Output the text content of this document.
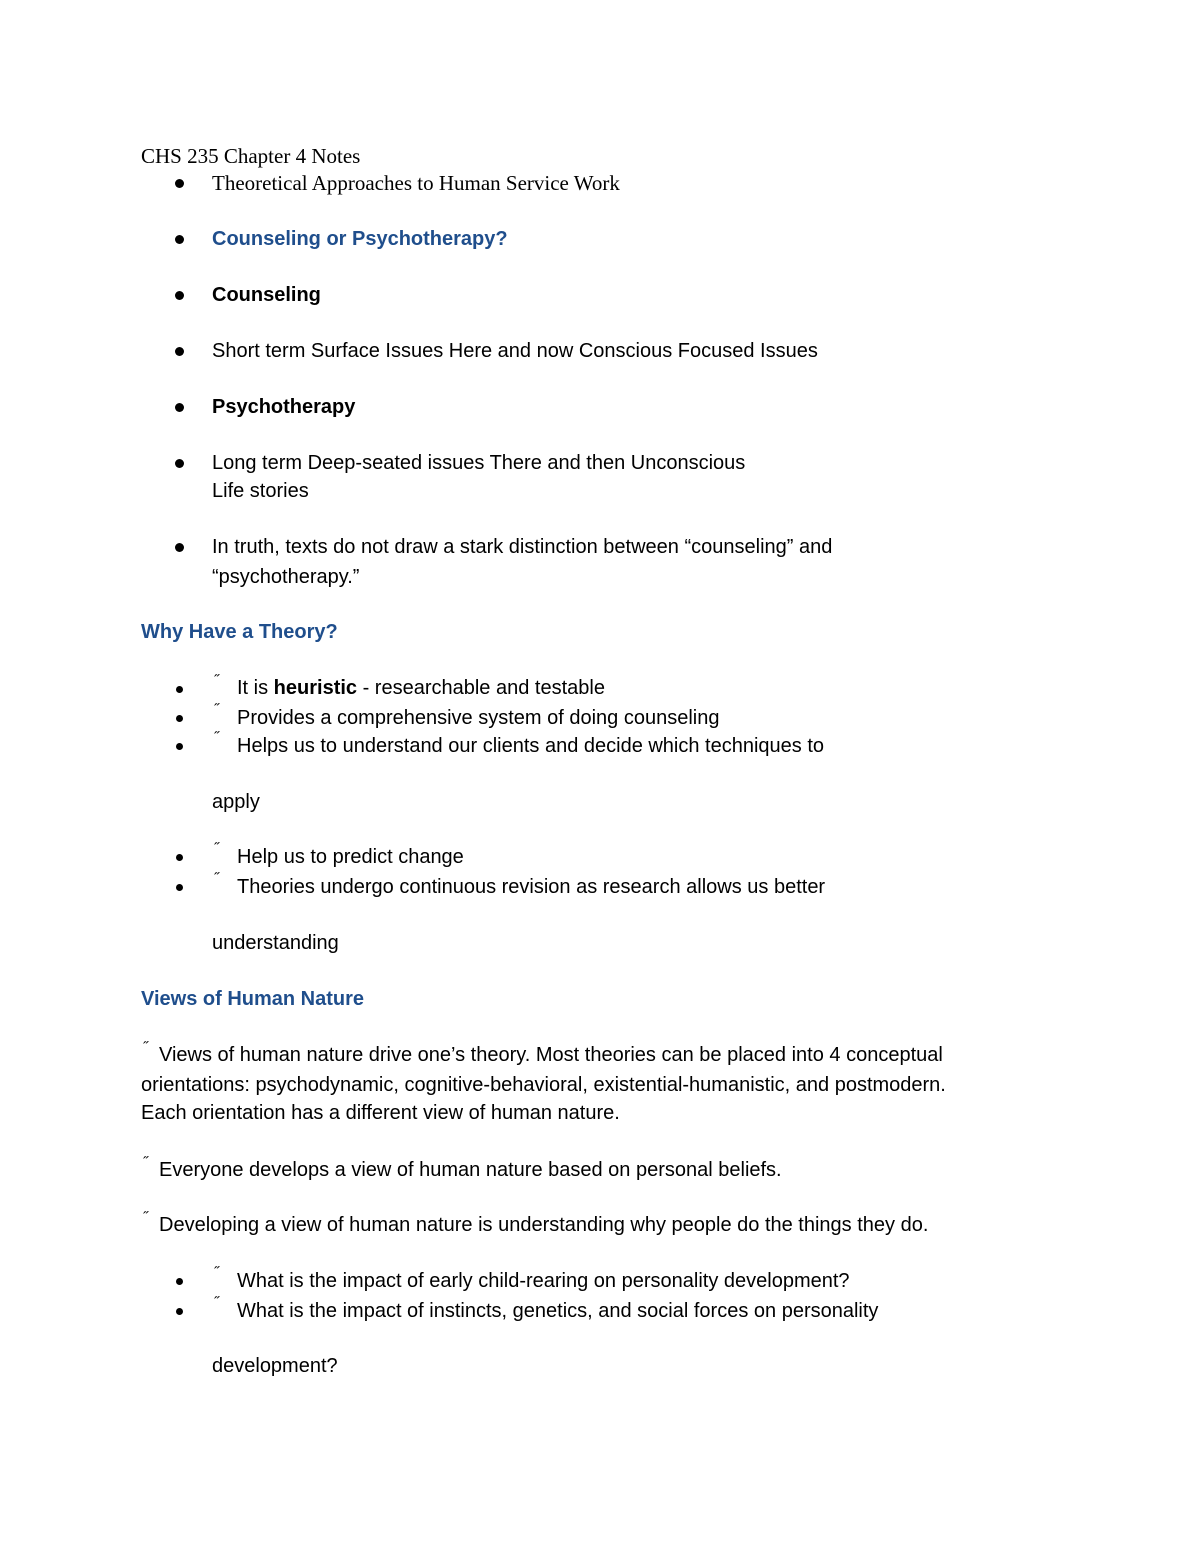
CHS 235 Chapter 4 Notes
Theoretical Approaches to Human Service Work
Counseling or Psychotherapy?
Counseling
Short term Surface Issues Here and now Conscious Focused Issues
Psychotherapy
Long term Deep-seated issues There and then Unconscious
Life stories
In truth, texts do not draw a stark distinction between “counseling” and
“psychotherapy.”
Why Have a Theory?
˝ It is heuristic - researchable and testable
˝ Provides a comprehensive system of doing counseling
˝ Helps us to understand our clients and decide which techniques to
apply
˝ Help us to predict change
˝ Theories undergo continuous revision as research allows us better
understanding
Views of Human Nature
˝ Views of human nature drive one’s theory. Most theories can be placed into 4 conceptual
orientations: psychodynamic, cognitive-behavioral, existential-humanistic, and postmodern.
Each orientation has a different view of human nature.
˝ Everyone develops a view of human nature based on personal beliefs.
˝ Developing a view of human nature is understanding why people do the things they do.
˝ What is the impact of early child-rearing on personality development?
˝ What is the impact of instincts, genetics, and social forces on personality
development?
